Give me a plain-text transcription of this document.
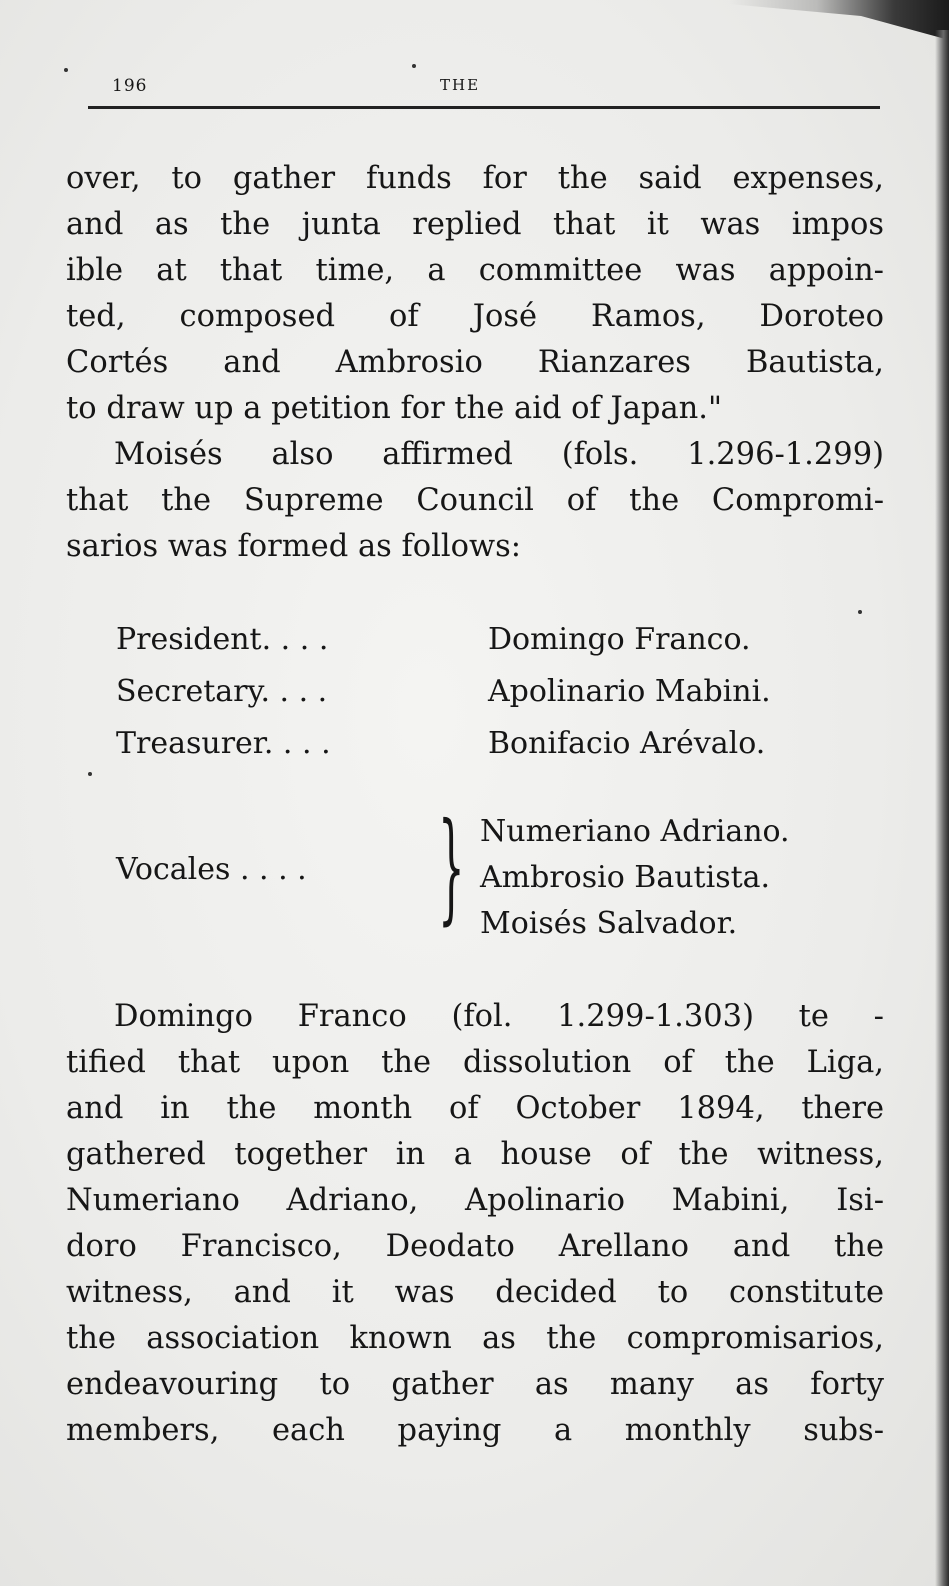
196	THE
over, to gather funds for the said expenses,
and as the junta replied that it was impos
ible at that time, a committee was appoin-
ted, composed of José Ramos, Doroteo
Cortés and Ambrosio Rianzares Bautista,
to draw up a petition for the aid of Japan."
Moisés also affirmed (fols. 1.296-1.299)
that the Supreme Council of the Compromi-
sarios was formed as follows:
President. . . .	Domingo Franco.
Secretary. . . .	Apolinario Mabini.
Treasurer. . . .	Bonifacio Arévalo.
Vocales . . . . } Numeriano Adriano.
Ambrosio Bautista.
Moisés Salvador.
Domingo Franco (fol. 1.299-1.303) te -
tified that upon the dissolution of the Liga,
and in the month of October 1894, there
gathered together in a house of the witness,
Numeriano Adriano, Apolinario Mabini, Isi-
doro Francisco, Deodato Arellano and the
witness, and it was decided to constitute
the association known as the compromisarios,
endeavouring to gather as many as forty
members, each paying a monthly subs-
